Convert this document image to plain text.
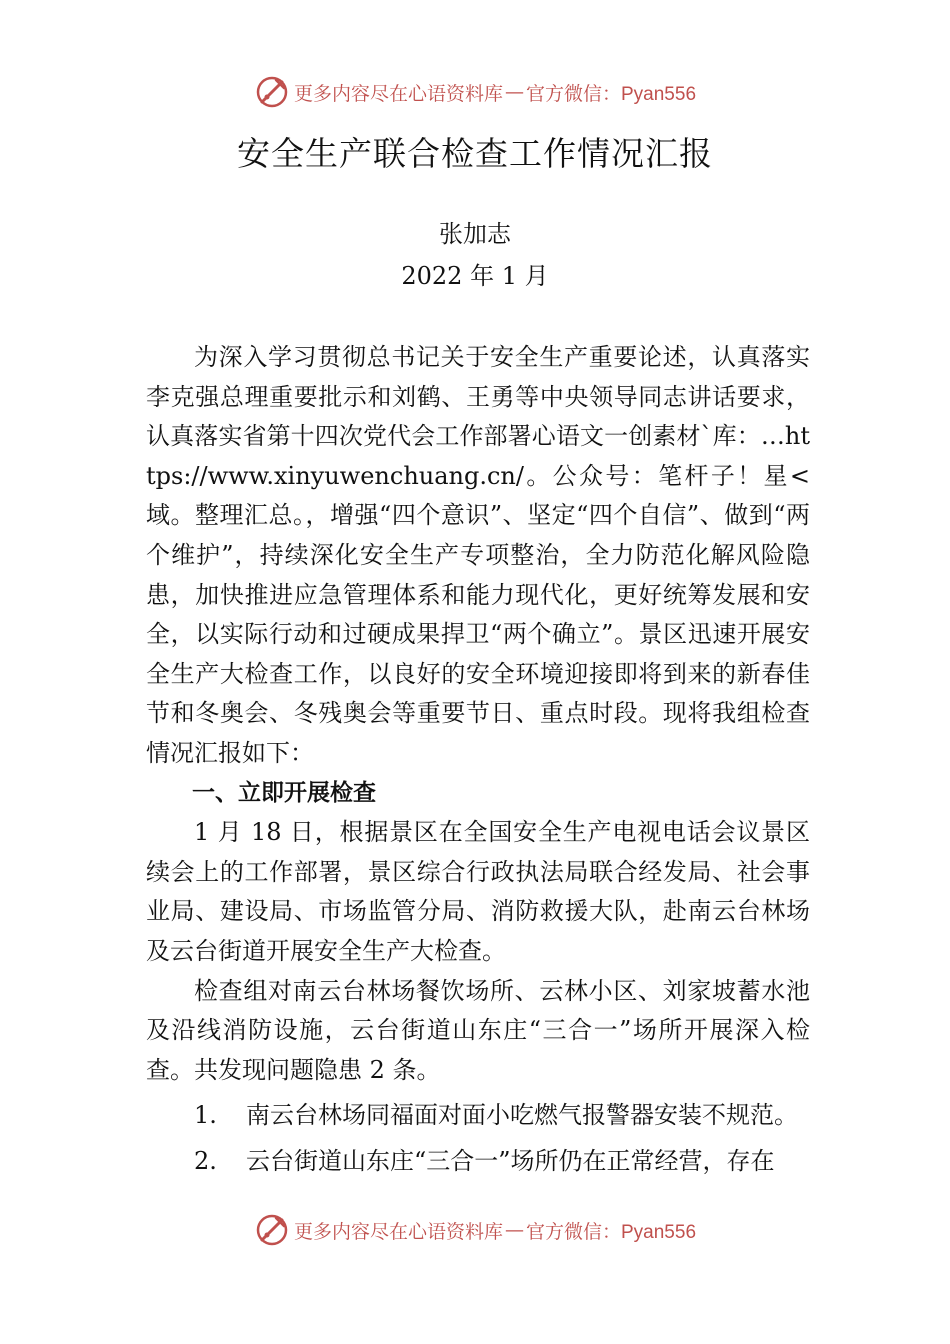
更多内容尽在心语资料库 — 官方微信：Pyan556
安全生产联合检查工作情况汇报
张加志
2022 年 1 月

为深入学习贯彻总书记关于安全生产重要论述，认真落实李克强总理重要批示和刘鹤、王勇等中央领导同志讲话要求，认真落实省第十四次党代会工作部署心语文一创素材`库：…https://www.xinyuwenchuang.cn/。公众号：笔杆子！星<域。整理汇总。，增强“四个意识”、坚定“四个自信”、做到“两个维护”，持续深化安全生产专项整治，全力防范化解风险隐患，加快推进应急管理体系和能力现代化，更好统筹发展和安全，以实际行动和过硬成果捍卫“两个确立”。景区迅速开展安全生产大检查工作，以良好的安全环境迎接即将到来的新春佳节和冬奥会、冬残奥会等重要节日、重点时段。现将我组检查情况汇报如下：

一、立即开展检查

1 月 18 日，根据景区在全国安全生产电视电话会议景区续会上的工作部署，景区综合行政执法局联合经发局、社会事业局、建设局、市场监管分局、消防救援大队，赴南云台林场及云台街道开展安全生产大检查。

检查组对南云台林场餐饮场所、云林小区、刘家坡蓄水池及沿线消防设施，云台街道山东庄“三合一”场所开展深入检查。共发现问题隐患 2 条。

1.	南云台林场同福面对面小吃燃气报警器安装不规范。
2.	云台街道山东庄“三合一”场所仍在正常经营，存在
更多内容尽在心语资料库 — 官方微信：Pyan556
